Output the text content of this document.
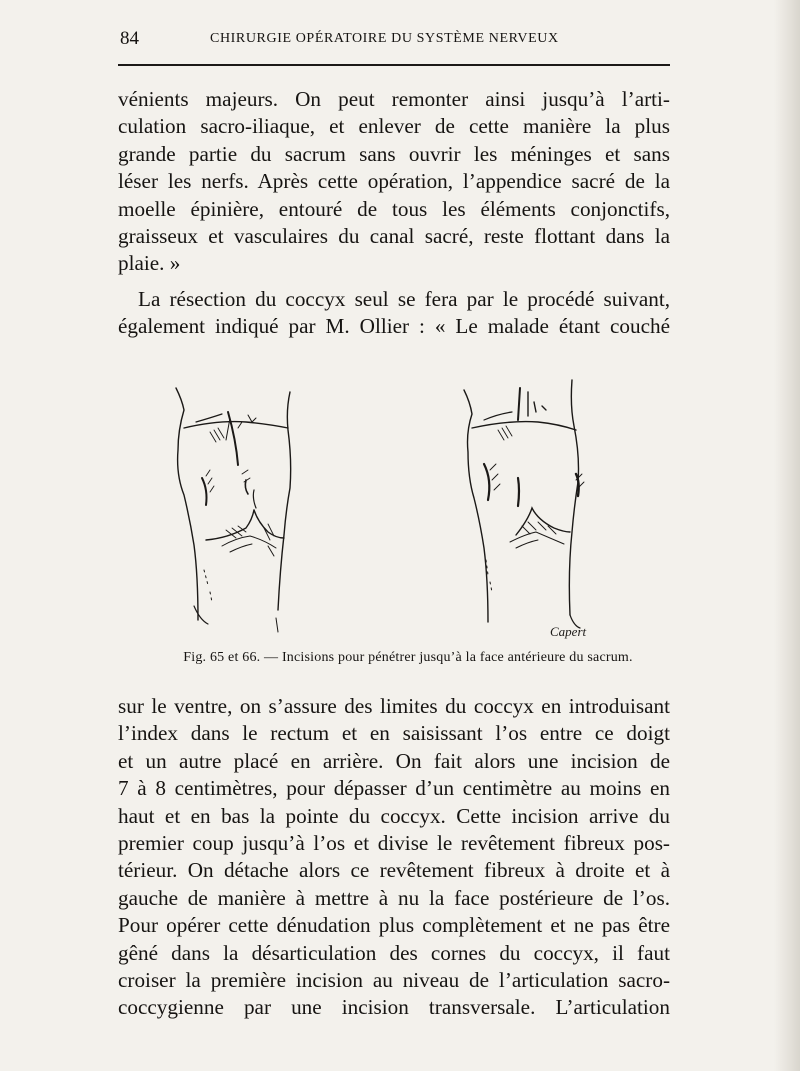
84	CHIRURGIE OPÉRATOIRE DU SYSTÈME NERVEUX
vénients majeurs. On peut remonter ainsi jusqu’à l’arti-
culation sacro-iliaque, et enlever de cette manière la plus
grande partie du sacrum sans ouvrir les méninges et sans
léser les nerfs. Après cette opération, l’appendice sacré de la
moelle épinière, entouré de tous les éléments conjonctifs,
graisseux et vasculaires du canal sacré, reste flottant dans la
plaie. »
La résection du coccyx seul se fera par le procédé suivant,
également indiqué par M. Ollier : « Le malade étant couché
Capert
Fig. 65 et 66. — Incisions pour pénétrer jusqu’à la face antérieure du sacrum.
sur le ventre, on s’assure des limites du coccyx en introduisant
l’index dans le rectum et en saisissant l’os entre ce doigt
et un autre placé en arrière. On fait alors une incision de
7 à 8 centimètres, pour dépasser d’un centimètre au moins en
haut et en bas la pointe du coccyx. Cette incision arrive du
premier coup jusqu’à l’os et divise le revêtement fibreux pos-
térieur. On détache alors ce revêtement fibreux à droite et à
gauche de manière à mettre à nu la face postérieure de l’os.
Pour opérer cette dénudation plus complètement et ne pas être
gêné dans la désarticulation des cornes du coccyx, il faut
croiser la première incision au niveau de l’articulation sacro-
coccygienne par une incision transversale. L’articulation
